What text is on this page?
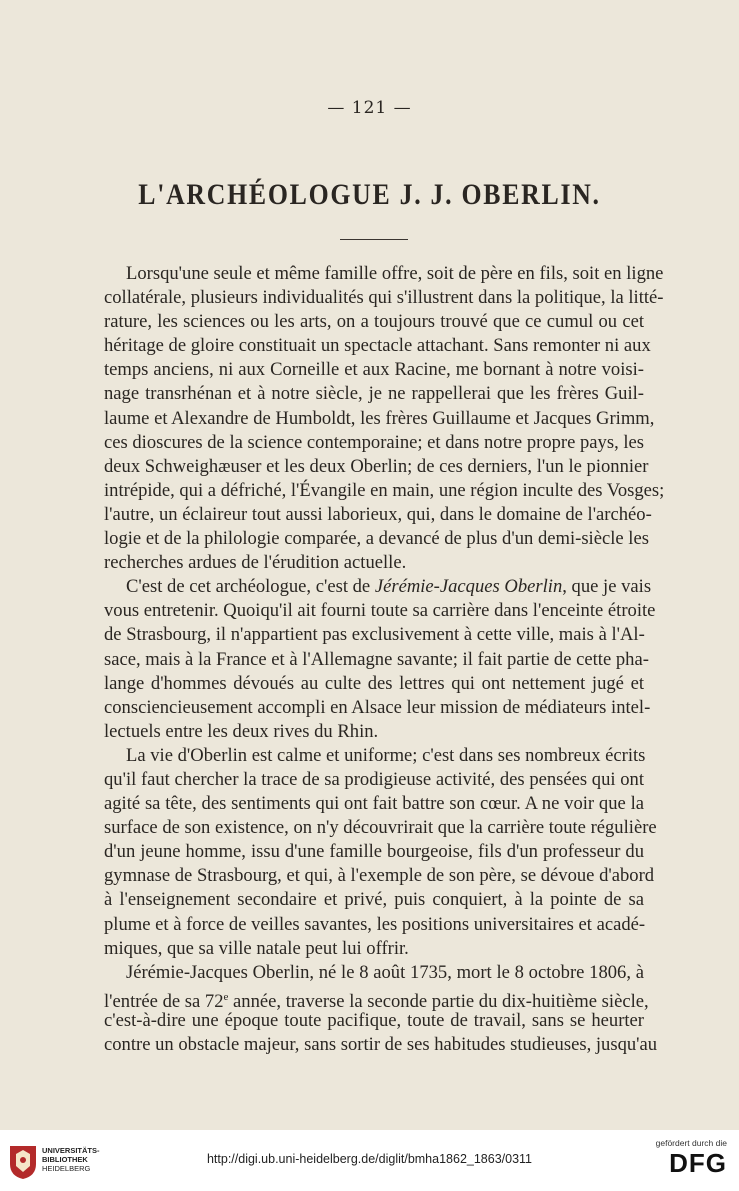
— 121 —
L'ARCHÉOLOGUE J. J. OBERLIN.
Lorsqu'une seule et même famille offre, soit de père en fils, soit en ligne
collatérale, plusieurs individualités qui s'illustrent dans la politique, la litté-
rature, les sciences ou les arts, on a toujours trouvé que ce cumul ou cet
héritage de gloire constituait un spectacle attachant. Sans remonter ni aux
temps anciens, ni aux Corneille et aux Racine, me bornant à notre voisi-
nage transrhénan et à notre siècle, je ne rappellerai que les frères Guil-
laume et Alexandre de Humboldt, les frères Guillaume et Jacques Grimm,
ces dioscures de la science contemporaine; et dans notre propre pays, les
deux Schweighæuser et les deux Oberlin; de ces derniers, l'un le pionnier
intrépide, qui a défriché, l'Évangile en main, une région inculte des Vosges;
l'autre, un éclaireur tout aussi laborieux, qui, dans le domaine de l'archéo-
logie et de la philologie comparée, a devancé de plus d'un demi-siècle les
recherches ardues de l'érudition actuelle.
C'est de cet archéologue, c'est de Jérémie-Jacques Oberlin, que je vais
vous entretenir. Quoiqu'il ait fourni toute sa carrière dans l'enceinte étroite
de Strasbourg, il n'appartient pas exclusivement à cette ville, mais à l'Al-
sace, mais à la France et à l'Allemagne savante; il fait partie de cette pha-
lange d'hommes dévoués au culte des lettres qui ont nettement jugé et
consciencieusement accompli en Alsace leur mission de médiateurs intel-
lectuels entre les deux rives du Rhin.
La vie d'Oberlin est calme et uniforme; c'est dans ses nombreux écrits
qu'il faut chercher la trace de sa prodigieuse activité, des pensées qui ont
agité sa tête, des sentiments qui ont fait battre son cœur. A ne voir que la
surface de son existence, on n'y découvrirait que la carrière toute régulière
d'un jeune homme, issu d'une famille bourgeoise, fils d'un professeur du
gymnase de Strasbourg, et qui, à l'exemple de son père, se dévoue d'abord
à l'enseignement secondaire et privé, puis conquiert, à la pointe de sa
plume et à force de veilles savantes, les positions universitaires et acadé-
miques, que sa ville natale peut lui offrir.
Jérémie-Jacques Oberlin, né le 8 août 1735, mort le 8 octobre 1806, à
l'entrée de sa 72e année, traverse la seconde partie du dix-huitième siècle,
c'est-à-dire une époque toute pacifique, toute de travail, sans se heurter
contre un obstacle majeur, sans sortir de ses habitudes studieuses, jusqu'au
UNIVERSITÄTS-
BIBLIOTHEK
HEIDELBERG
http://digi.ub.uni-heidelberg.de/diglit/bmha1862_1863/0311
gefördert durch die
DFG
